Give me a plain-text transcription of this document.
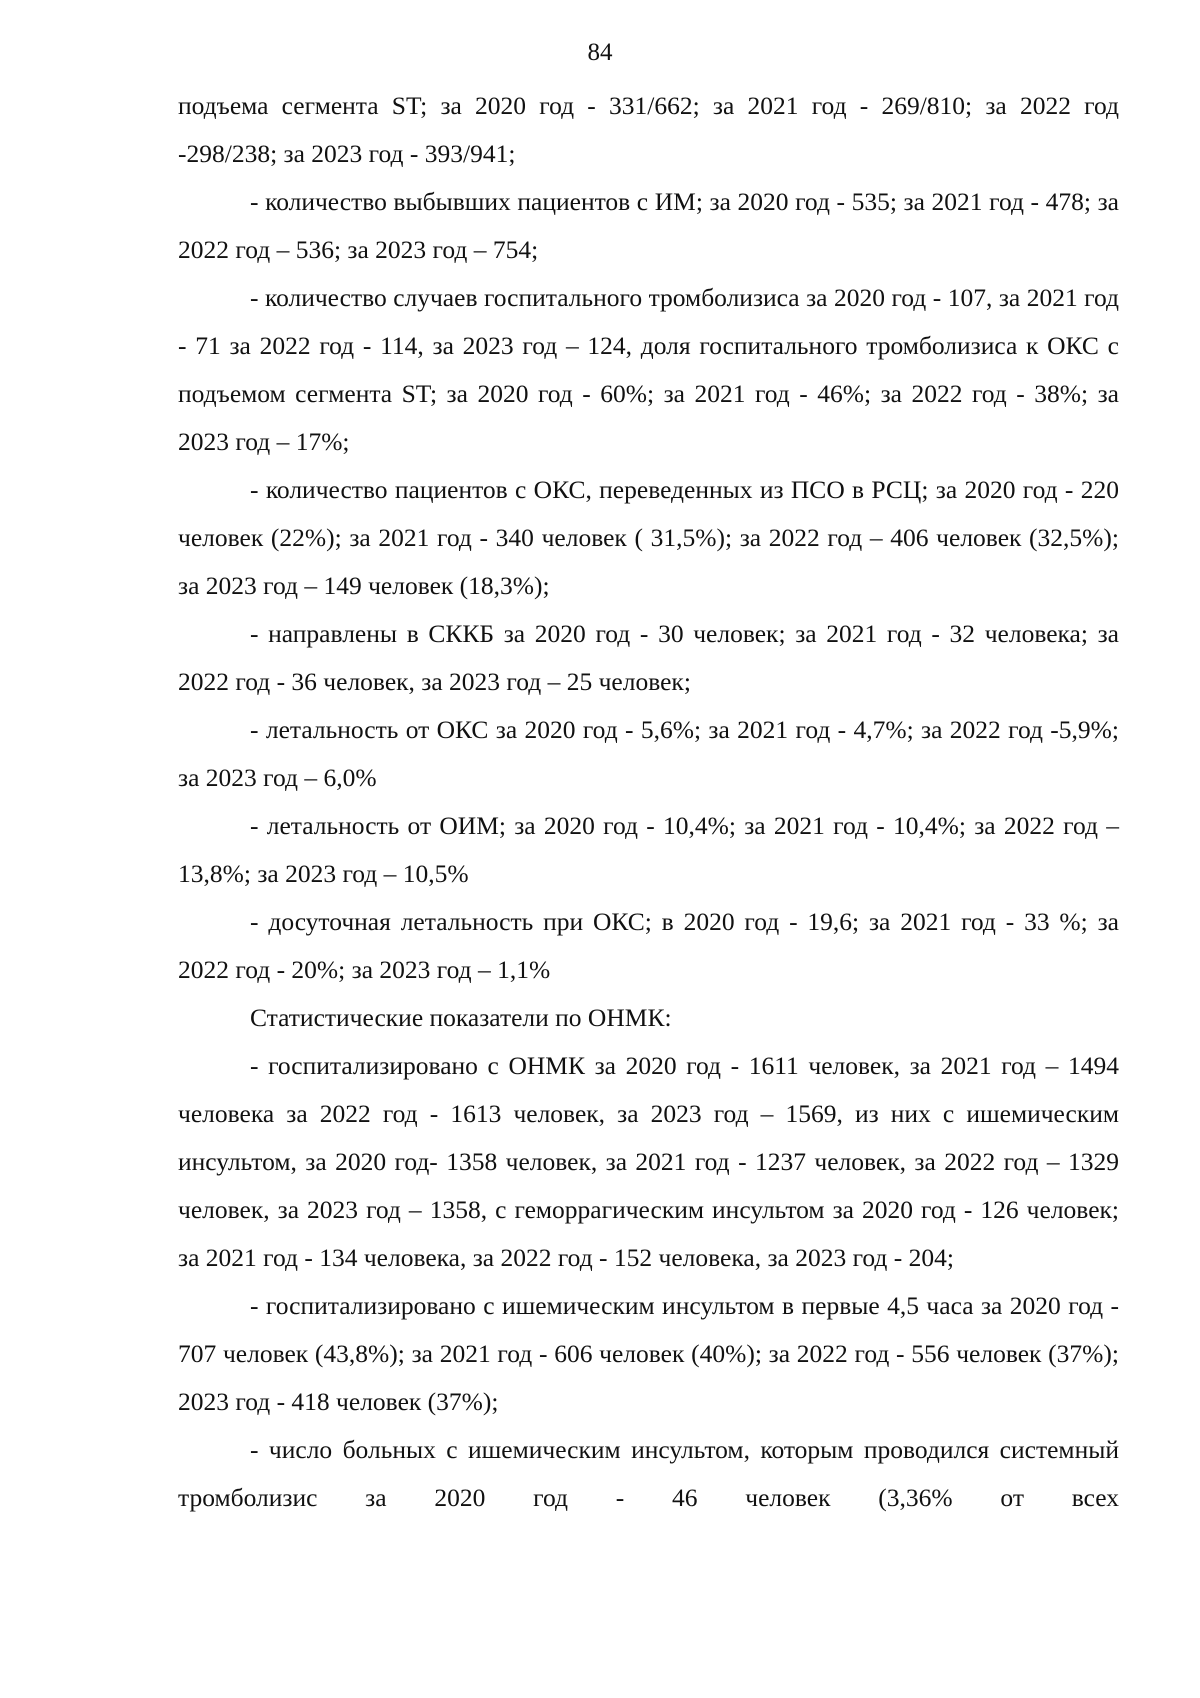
84

подъема сегмента ST; за 2020 год - 331/662; за 2021 год - 269/810; за 2022 год -298/238; за 2023 год - 393/941;

- количество выбывших пациентов с ИМ; за 2020 год - 535; за 2021 год - 478; за 2022 год – 536; за 2023 год – 754;

- количество случаев госпитального тромболизиса за 2020 год - 107, за 2021 год - 71 за 2022 год - 114, за 2023 год – 124, доля госпитального тромболизиса к ОКС с подъемом сегмента ST; за 2020 год - 60%; за 2021 год - 46%; за 2022 год - 38%; за 2023 год – 17%;

- количество пациентов с ОКС, переведенных из ПСО в РСЦ; за 2020 год - 220 человек (22%); за 2021 год - 340 человек ( 31,5%); за 2022 год – 406 человек (32,5%); за 2023 год – 149 человек (18,3%);

- направлены в СККБ за 2020 год - 30 человек; за 2021 год - 32 человека; за 2022 год - 36 человек, за 2023 год – 25 человек;

- летальность от ОКС за 2020 год - 5,6%; за 2021 год - 4,7%; за 2022 год -5,9%; за 2023 год – 6,0%

- летальность от ОИМ; за 2020 год - 10,4%; за 2021 год - 10,4%; за 2022 год – 13,8%; за 2023 год – 10,5%

- досуточная летальность при ОКС; в 2020 год - 19,6; за 2021 год - 33 %; за 2022 год - 20%; за 2023 год – 1,1%

Статистические показатели по ОНМК:

- госпитализировано с ОНМК за 2020 год - 1611 человек, за 2021 год – 1494 человека за 2022 год - 1613 человек, за 2023 год – 1569, из них с ишемическим инсультом, за 2020 год- 1358 человек, за 2021 год - 1237 человек, за 2022 год – 1329 человек, за 2023 год – 1358, с геморрагическим инсультом за 2020 год - 126 человек; за 2021 год - 134 человека, за 2022 год - 152 человека, за 2023 год - 204;

- госпитализировано с ишемическим инсультом в первые 4,5 часа за 2020 год - 707 человек (43,8%); за 2021 год - 606 человек (40%); за 2022 год - 556 человек (37%); 2023 год - 418 человек (37%);

- число больных с ишемическим инсультом, которым проводился системный тромболизис за 2020 год - 46 человек (3,36% от всех
